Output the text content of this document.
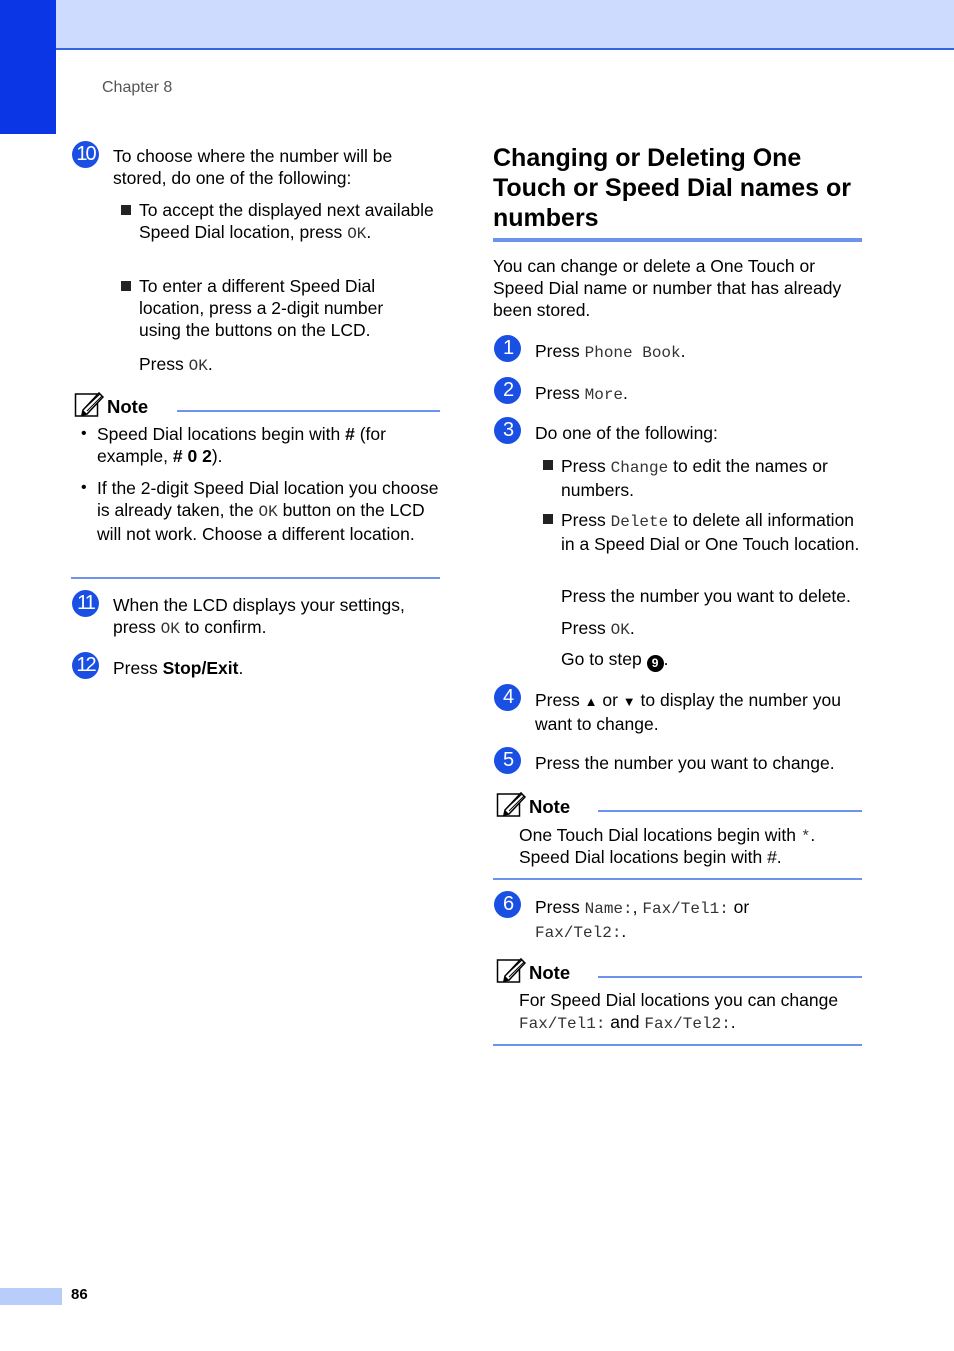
Chapter 8
10 To choose where the number will be stored, do one of the following:
To accept the displayed next available Speed Dial location, press OK.
To enter a different Speed Dial location, press a 2-digit number using the buttons on the LCD.
Press OK.
Note
• Speed Dial locations begin with # (for example, # 0 2).
• If the 2-digit Speed Dial location you choose is already taken, the OK button on the LCD will not work. Choose a different location.
11 When the LCD displays your settings, press OK to confirm.
12 Press Stop/Exit.
Changing or Deleting One Touch or Speed Dial names or numbers
You can change or delete a One Touch or Speed Dial name or number that has already been stored.
1	Press Phone Book.
2	Press More.
3	Do one of the following:
Press Change to edit the names or numbers.
Press Delete to delete all information in a Speed Dial or One Touch location.
Press the number you want to delete.
Press OK.
Go to step 9 .
4	Press ▲ or ▼ to display the number you want to change.
5	Press the number you want to change.
Note
One Touch Dial locations begin with *.
Speed Dial locations begin with #.
6	Press Name:, Fax/Tel1: or
Fax/Tel2:.
Note
For Speed Dial locations you can change
Fax/Tel1: and Fax/Tel2:.
86
